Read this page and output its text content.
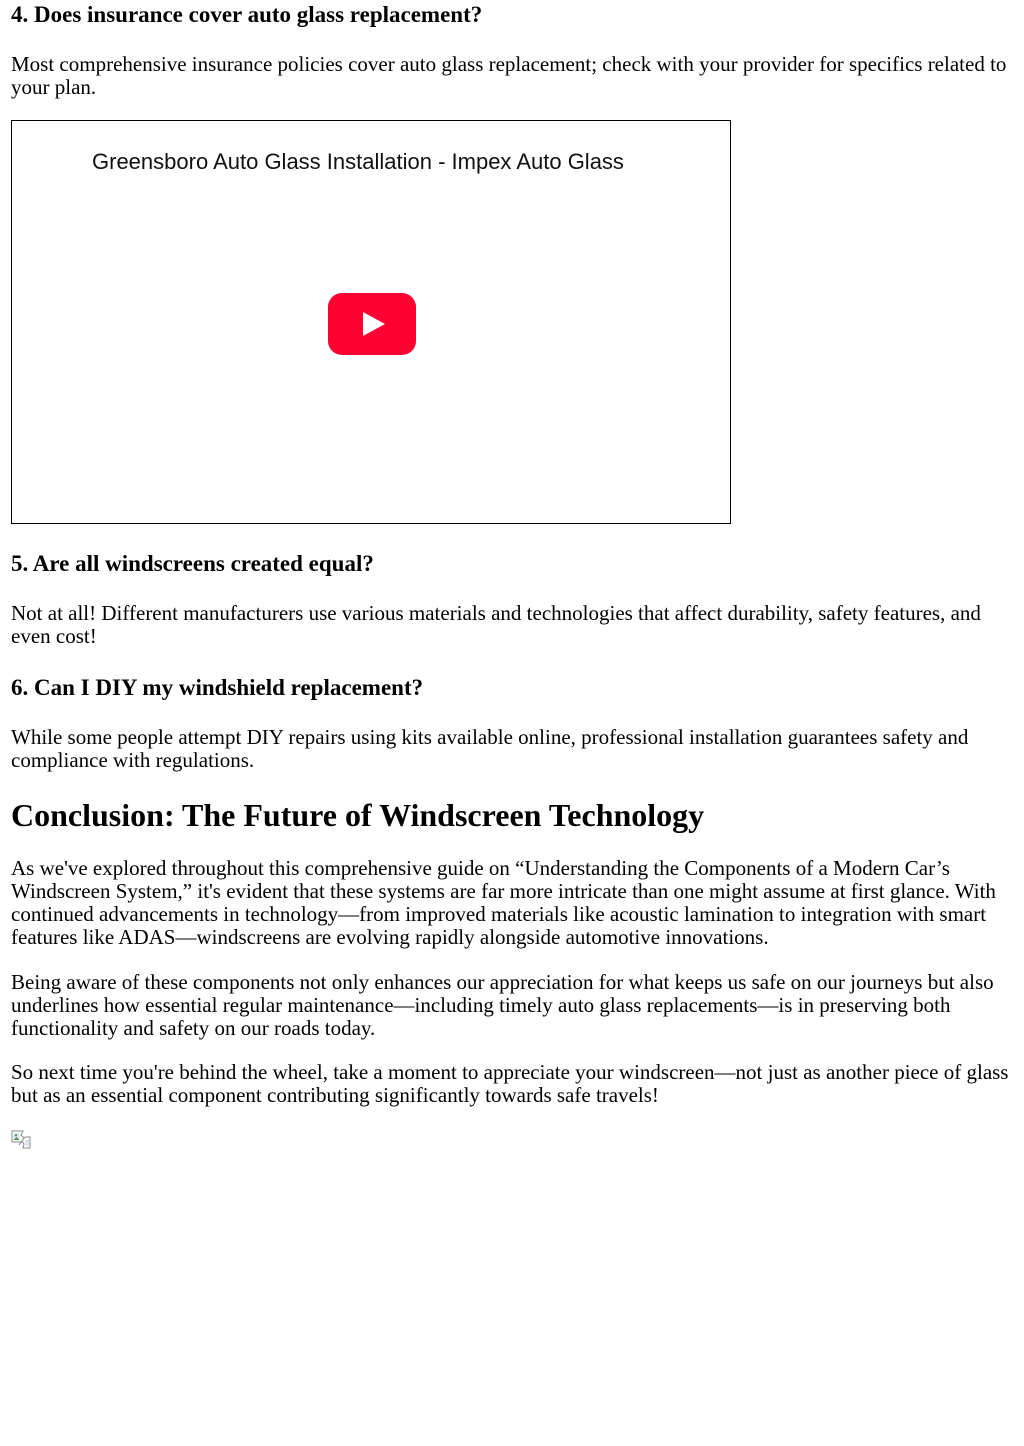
4. Does insurance cover auto glass replacement?

Most comprehensive insurance policies cover auto glass replacement; check with your provider for specifics related to your plan.

Greensboro Auto Glass Installation - Impex Auto Glass
5. Are all windscreens created equal?

Not at all! Different manufacturers use various materials and technologies that affect durability, safety features, and even cost!

6. Can I DIY my windshield replacement?

While some people attempt DIY repairs using kits available online, professional installation guarantees safety and compliance with regulations.

Conclusion: The Future of Windscreen Technology

As we've explored throughout this comprehensive guide on “Understanding the Components of a Modern Car’s Windscreen System,” it's evident that these systems are far more intricate than one might assume at first glance. With continued advancements in technology—from improved materials like acoustic lamination to integration with smart features like ADAS—windscreens are evolving rapidly alongside automotive innovations.

Being aware of these components not only enhances our appreciation for what keeps us safe on our journeys but also underlines how essential regular maintenance—including timely auto glass replacements—is in preserving both functionality and safety on our roads today.

So next time you're behind the wheel, take a moment to appreciate your windscreen—not just as another piece of glass but as an essential component contributing significantly towards safe travels!
